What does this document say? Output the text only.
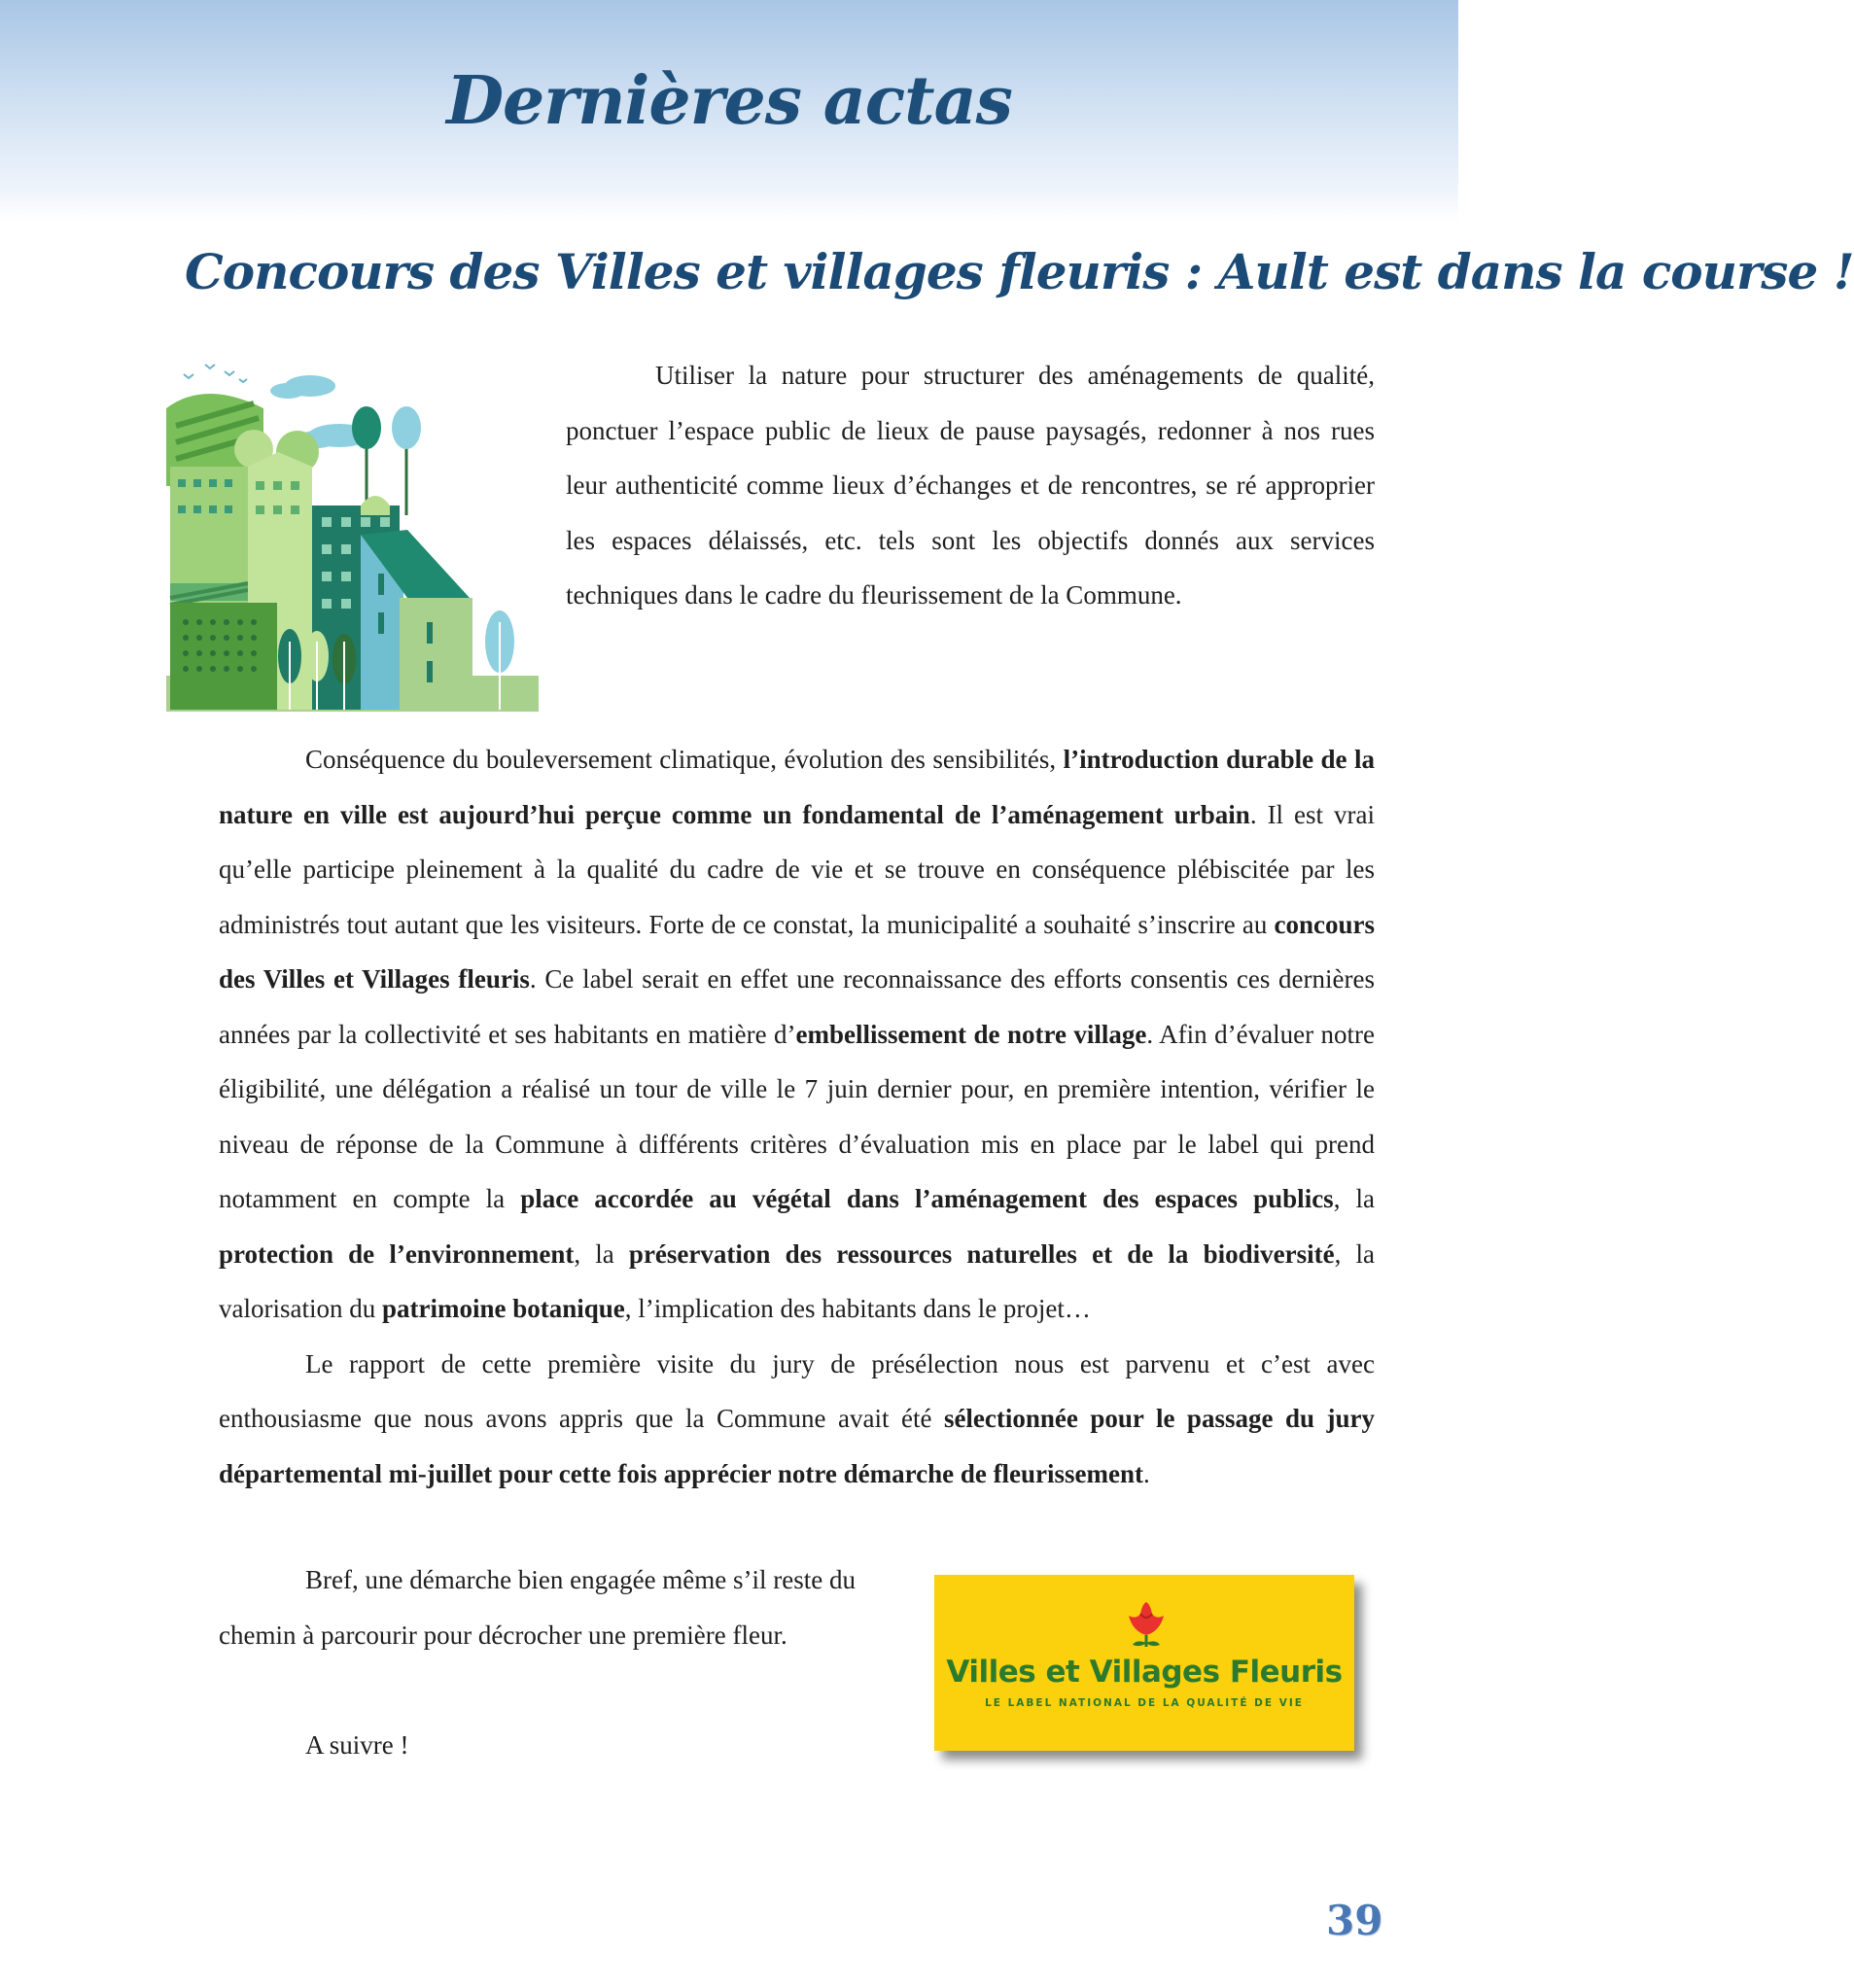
Dernières actas
Concours des Villes et villages fleuris : Ault est dans la course !

Utiliser la nature pour structurer des aménagements de qualité, ponctuer l’espace public de lieux de pause paysagés, redonner à nos rues leur authenticité comme lieux d’échanges et de rencontres, se ré approprier les espaces délaissés, etc. tels sont les objectifs donnés aux services techniques dans le cadre du fleurissement de la Commune.

Conséquence du bouleversement climatique, évolution des sensibilités, l’introduction durable de la nature en ville est aujourd’hui perçue comme un fondamental de l’aménagement urbain. Il est vrai qu’elle participe pleinement à la qualité du cadre de vie et se trouve en conséquence plébiscitée par les administrés tout autant que les visiteurs. Forte de ce constat, la municipalité a souhaité s’inscrire au concours des Villes et Villages fleuris. Ce label serait en effet une reconnaissance des efforts consentis ces dernières années par la collectivité et ses habitants en matière d’embellissement de notre village. Afin d’évaluer notre éligibilité, une délégation a réalisé un tour de ville le 7 juin dernier pour, en première intention, vérifier le niveau de réponse de la Commune à différents critères d’évaluation mis en place par le label qui prend notamment en compte la place accordée au végétal dans l’aménagement des espaces publics, la protection de l’environnement, la préservation des ressources naturelles et de la biodiversité, la valorisation du patrimoine botanique, l’implication des habitants dans le projet…

Le rapport de cette première visite du jury de présélection nous est parvenu et c’est avec enthousiasme que nous avons appris que la Commune avait été sélectionnée pour le passage du jury départemental mi-juillet pour cette fois apprécier notre démarche de fleurissement.

Bref, une démarche bien engagée même s’il reste du chemin à parcourir pour décrocher une première fleur.

A suivre !
Villes et Villages Fleuris
LE LABEL NATIONAL DE LA QUALITÉ DE VIE
39
